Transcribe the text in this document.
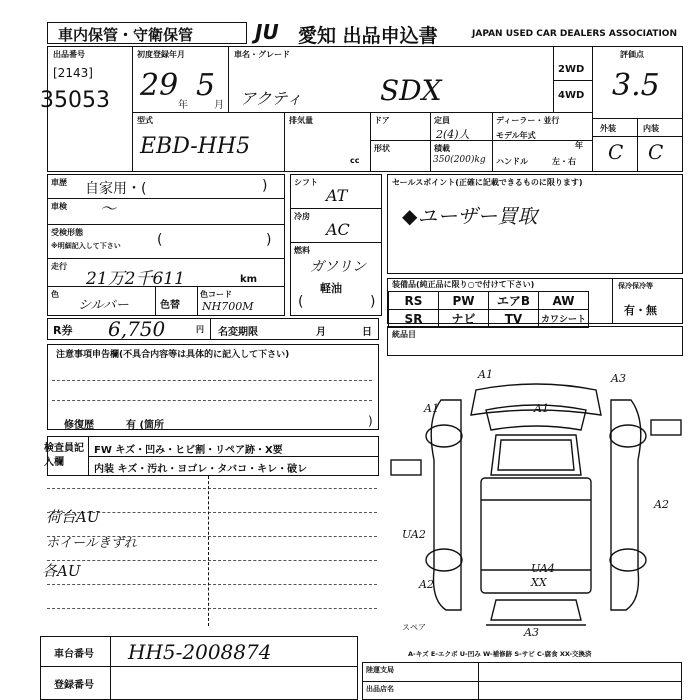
車内保管・守衛保管	JU 愛知 出品申込書	JAPAN USED CAR DEALERS ASSOCIATION
出品番号
[2143]
35053
初度登録年月
29
年
5
月
車名・グレード
アクティ	SDX
2WD
4WD
評価点
3.5
外装	内装
C C
型式
EBD-HH5
排気量
cc
ドア
形状
定員
2(4)人
積載
350(200)kg
ディーラー・並行
モデル年式
年
ハンドル	左・右
車歴 自家用・(	)
車検 〜
受検形態
※明細記入して下さい	(	)
走行
21万2千611	km
色
シルバー	色替
色コード
NH700M
R券 6,750	円 名変期限	月	日
シフト
AT
冷房
AC
燃料
ガソリン
軽油
(	)
セールスポイント(正確に記載できるものに限ります)
◆ユーザー買取
装備品(純正品に限り○で付けて下さい)
RS	PW	エアB	AW
SR	ナビ	TV	カワシート
保冷保冷等
有・無
統品目
注意事項申告欄(不具合内容等は具体的に記入して下さい)
修復歴	有 (箇所	)
検査員記入欄
FW キズ・凹み・ヒビ割・リペア跡・X要
内装 キズ・汚れ・ヨゴレ・タバコ・キレ・破レ
荷台AU
ホイールきずれ
各AU
車台番号 HH5-2008874
登録番号
陸運支局
出品店名
A1	A3
A1	A1
UA2
A2
A2
UA4
XX
A3
スペア
A-キズ E-エクボ U-凹み W-補修跡 S-サビ C-腐食 XX-交換済
